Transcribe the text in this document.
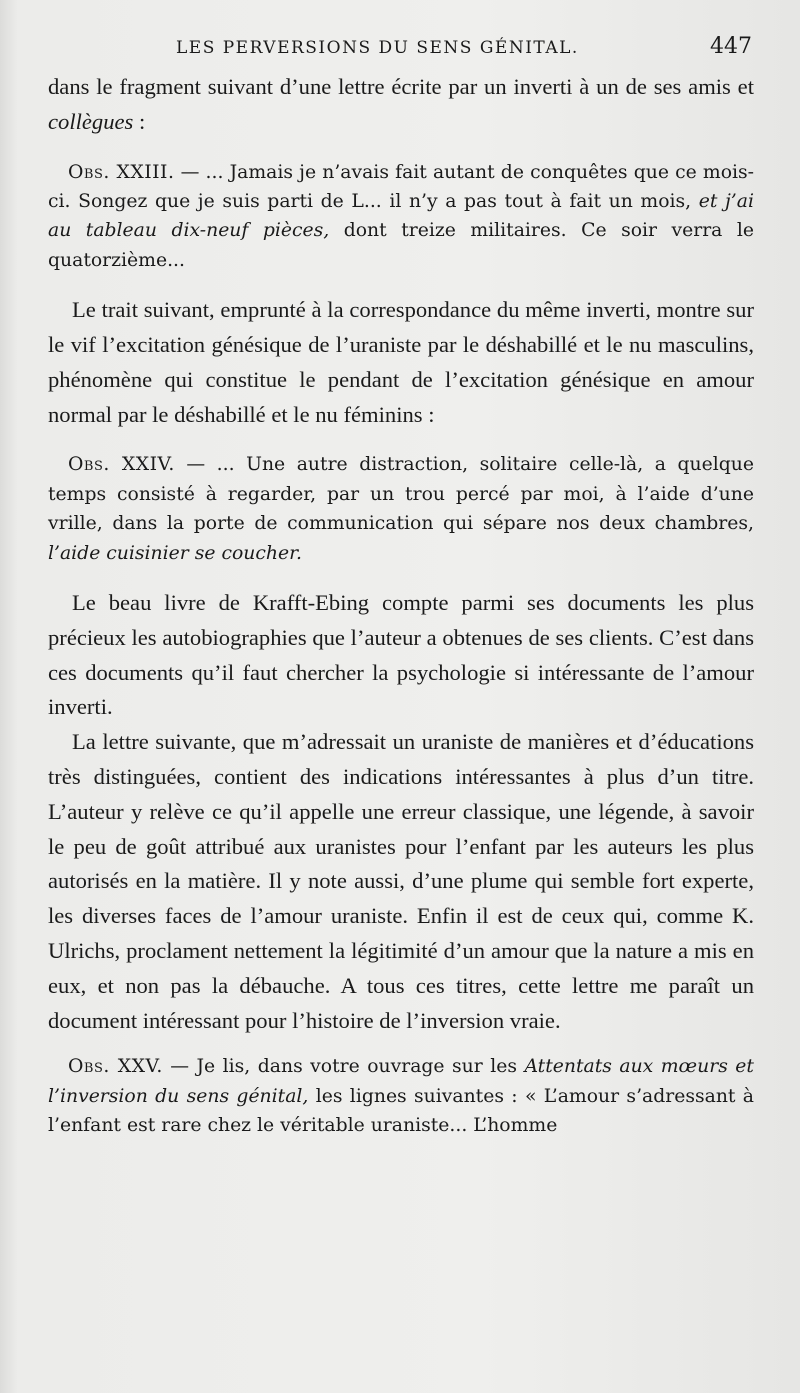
LES PERVERSIONS DU SENS GÉNITAL.	447

dans le fragment suivant d’une lettre écrite par un inverti à un de ses amis et collègues :

Obs. XXIII. — ... Jamais je n’avais fait autant de conquêtes que ce mois-ci. Songez que je suis parti de L... il n’y a pas tout à fait un mois, et j’ai au tableau dix-neuf pièces, dont treize militaires. Ce soir verra le quatorzième...

Le trait suivant, emprunté à la correspondance du même inverti, montre sur le vif l’excitation génésique de l’uraniste par le déshabillé et le nu masculins, phénomène qui constitue le pendant de l’excitation génésique en amour normal par le déshabillé et le nu féminins :

Obs. XXIV. — ... Une autre distraction, solitaire celle-là, a quelque temps consisté à regarder, par un trou percé par moi, à l’aide d’une vrille, dans la porte de communication qui sépare nos deux chambres, l’aide cuisinier se coucher.

Le beau livre de Krafft-Ebing compte parmi ses documents les plus précieux les autobiographies que l’auteur a obtenues de ses clients. C’est dans ces documents qu’il faut chercher la psychologie si intéressante de l’amour inverti.

La lettre suivante, que m’adressait un uraniste de manières et d’éducations très distinguées, contient des indications intéressantes à plus d’un titre. L’auteur y relève ce qu’il appelle une erreur classique, une légende, à savoir le peu de goût attribué aux uranistes pour l’enfant par les auteurs les plus autorisés en la matière. Il y note aussi, d’une plume qui semble fort experte, les diverses faces de l’amour uraniste. Enfin il est de ceux qui, comme K. Ulrichs, proclament nettement la légitimité d’un amour que la nature a mis en eux, et non pas la débauche. A tous ces titres, cette lettre me paraît un document intéressant pour l’histoire de l’inversion vraie.

Obs. XXV. — Je lis, dans votre ouvrage sur les Attentats aux mœurs et l’inversion du sens génital, les lignes suivantes : « L’amour s’adressant à l’enfant est rare chez le véritable uraniste... L’homme
